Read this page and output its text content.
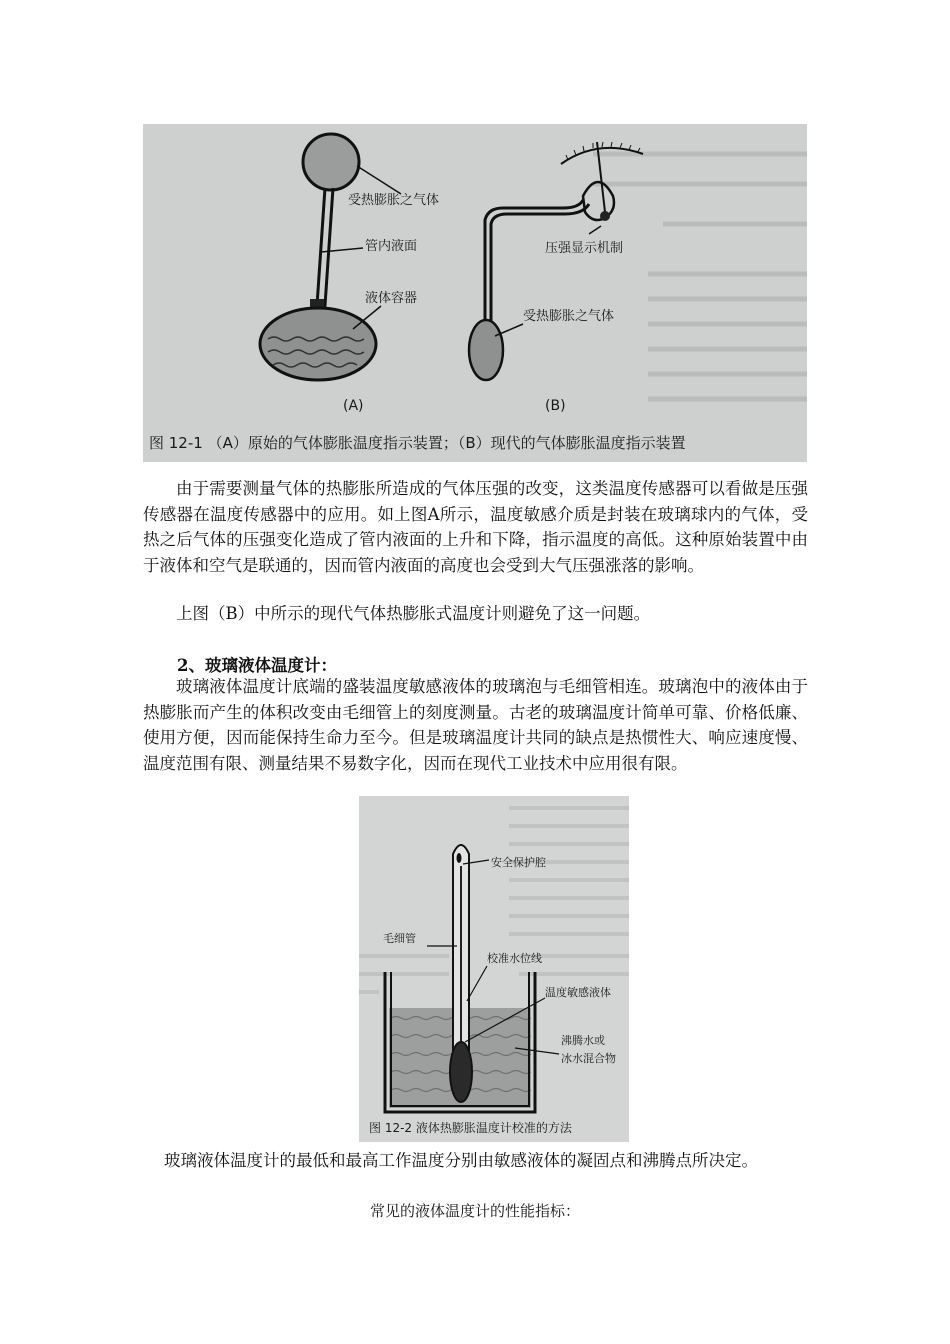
受热膨胀之气体
管内液面
液体容器
(A)
压强显示机制
受热膨胀之气体
(B)
图 12-1 （A）原始的气体膨胀温度指示装置；（B）现代的气体膨胀温度指示装置

由于需要测量气体的热膨胀所造成的气体压强的改变，这类温度传感器可以看做是压强传感器在温度传感器中的应用。如上图A所示，温度敏感介质是封装在玻璃球内的气体，受热之后气体的压强变化造成了管内液面的上升和下降，指示温度的高低。这种原始装置中由于液体和空气是联通的，因而管内液面的高度也会受到大气压强涨落的影响。

上图（B）中所示的现代气体热膨胀式温度计则避免了这一问题。

2、玻璃液体温度计：

玻璃液体温度计底端的盛装温度敏感液体的玻璃泡与毛细管相连。玻璃泡中的液体由于热膨胀而产生的体积改变由毛细管上的刻度测量。古老的玻璃温度计简单可靠、价格低廉、使用方便，因而能保持生命力至今。但是玻璃温度计共同的缺点是热惯性大、响应速度慢、温度范围有限、测量结果不易数字化，因而在现代工业技术中应用很有限。

安全保护腔
毛细管
校准水位线
温度敏感液体
沸腾水或
冰水混合物
图 12-2 液体热膨胀温度计校准的方法

玻璃液体温度计的最低和最高工作温度分别由敏感液体的凝固点和沸腾点所决定。

常见的液体温度计的性能指标：
